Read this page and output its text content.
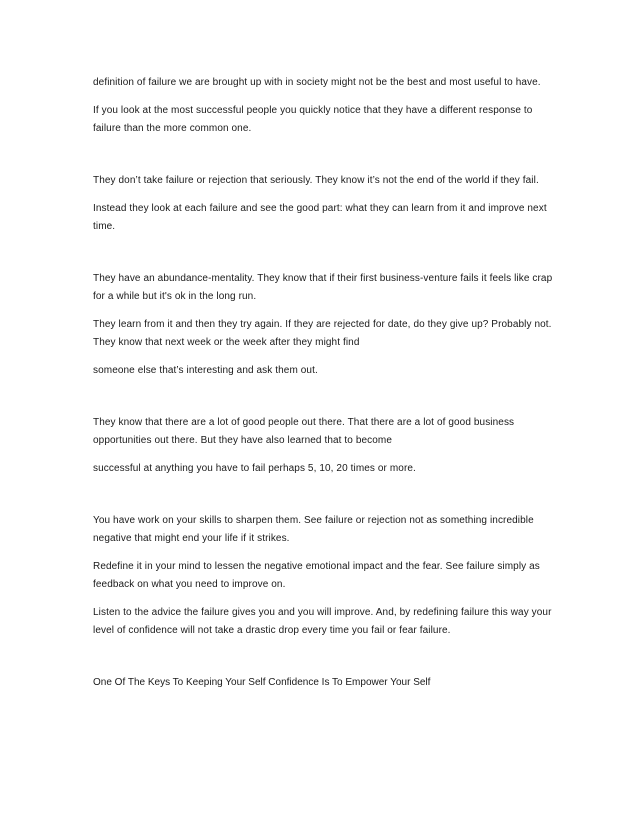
definition of failure we are brought up with in society might not be the best and most useful to have.

If you look at the most successful people you quickly notice that they have a different response to failure than the more common one.

They don’t take failure or rejection that seriously. They know it’s not the end of the world if they fail.

Instead they look at each failure and see the good part: what they can learn from it and improve next time.

They have an abundance-mentality. They know that if their first business-venture fails it feels like crap for a while but it's ok in the long run.

They learn from it and then they try again. If they are rejected for date, do they give up? Probably not. They know that next week or the week after they might find

someone else that’s interesting and ask them out.

They know that there are a lot of good people out there. That there are a lot of good business opportunities out there. But they have also learned that to become

successful at anything you have to fail perhaps 5, 10, 20 times or more.

You have work on your skills to sharpen them. See failure or rejection not as something incredible negative that might end your life if it strikes.

Redefine it in your mind to lessen the negative emotional impact and the fear. See failure simply as feedback on what you need to improve on.

Listen to the advice the failure gives you and you will improve. And, by redefining failure this way your level of confidence will not take a drastic drop every time you fail or fear failure.

One Of The Keys To Keeping Your Self Confidence Is To Empower Your Self
